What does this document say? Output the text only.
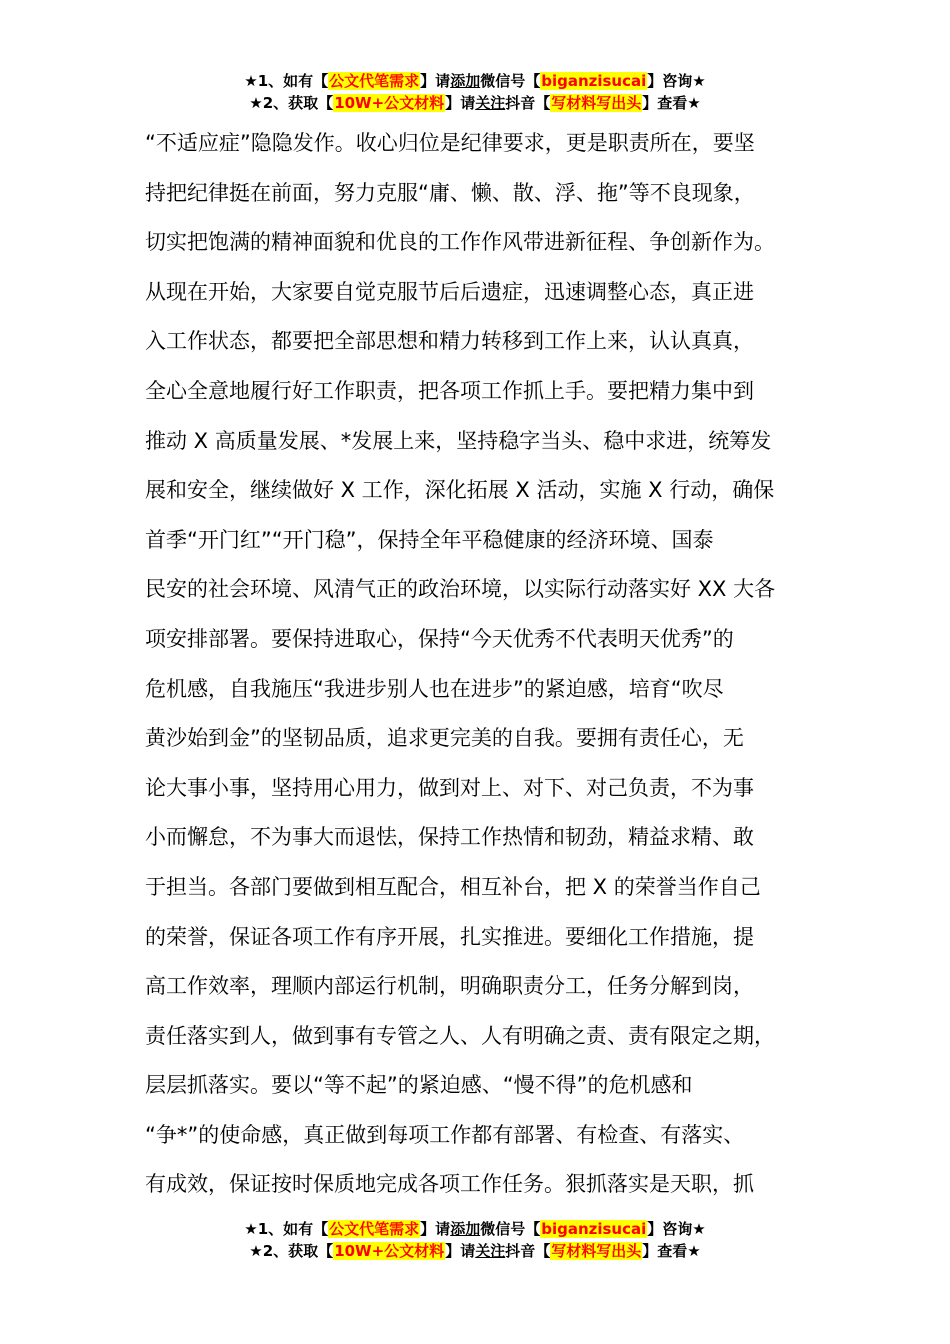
★1、如有【公文代笔需求】请添加微信号【biganzisucai】咨询★
★2、获取【10W+公文材料】请关注抖音【写材料写出头】查看★
“不适应症”隐隐发作。收心归位是纪律要求，更是职责所在，要坚
持把纪律挺在前面，努力克服“庸、懒、散、浮、拖”等不良现象，
切实把饱满的精神面貌和优良的工作作风带进新征程、争创新作为。
从现在开始，大家要自觉克服节后后遗症，迅速调整心态，真正进
入工作状态，都要把全部思想和精力转移到工作上来，认认真真，
全心全意地履行好工作职责，把各项工作抓上手。要把精力集中到
推动 X 高质量发展、*发展上来，坚持稳字当头、稳中求进，统筹发
展和安全，继续做好 X 工作，深化拓展 X 活动，实施 X 行动，确保
首季“开门红”“开门稳”，保持全年平稳健康的经济环境、国泰
民安的社会环境、风清气正的政治环境，以实际行动落实好 XX 大各
项安排部署。要保持进取心，保持“今天优秀不代表明天优秀”的
危机感，自我施压“我进步别人也在进步”的紧迫感，培育“吹尽
黄沙始到金”的坚韧品质，追求更完美的自我。要拥有责任心，无
论大事小事，坚持用心用力，做到对上、对下、对己负责，不为事
小而懈怠，不为事大而退怯，保持工作热情和韧劲，精益求精、敢
于担当。各部门要做到相互配合，相互补台，把 X 的荣誉当作自己
的荣誉，保证各项工作有序开展，扎实推进。要细化工作措施，提
高工作效率，理顺内部运行机制，明确职责分工，任务分解到岗，
责任落实到人，做到事有专管之人、人有明确之责、责有限定之期，
层层抓落实。要以“等不起”的紧迫感、“慢不得”的危机感和
“争*”的使命感，真正做到每项工作都有部署、有检查、有落实、
有成效，保证按时保质地完成各项工作任务。狠抓落实是天职，抓
★1、如有【公文代笔需求】请添加微信号【biganzisucai】咨询★
★2、获取【10W+公文材料】请关注抖音【写材料写出头】查看★
